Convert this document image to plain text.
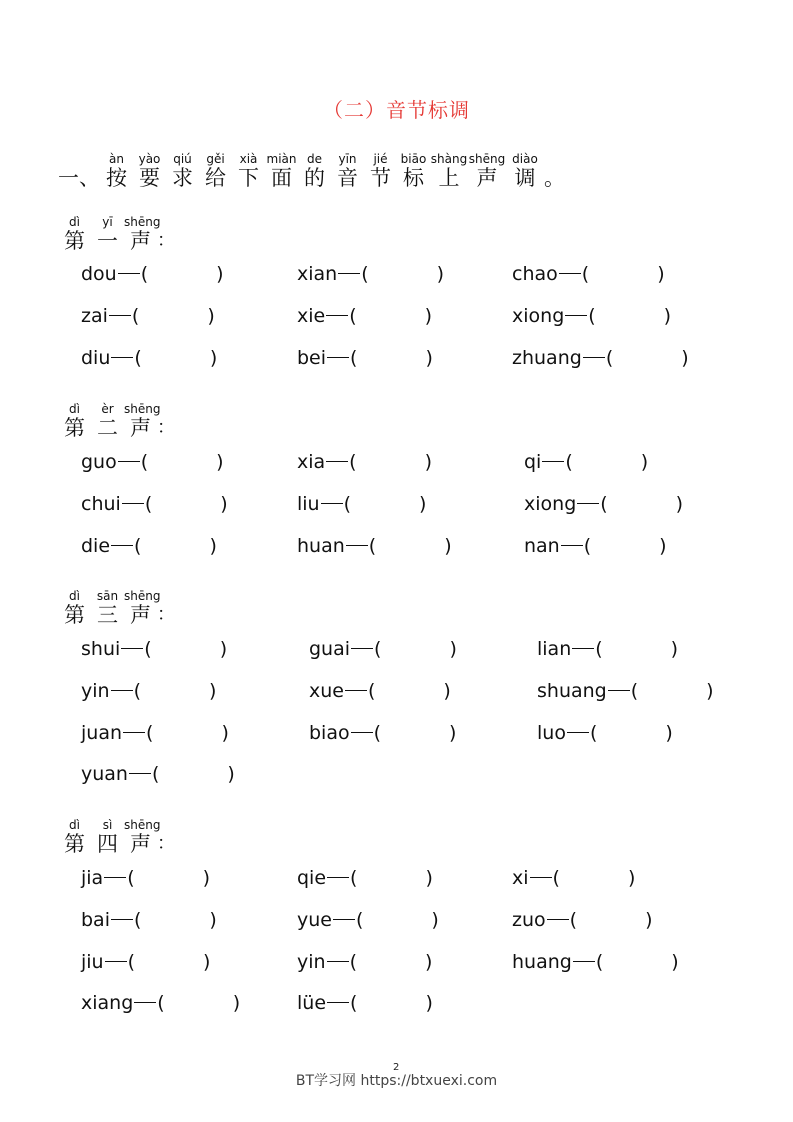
（二）音节标调
一、
àn
按
yào
要
qiú
求
gěi
给
xià
下
miàn
面
de
的
yīn
音
jié
节
biāo
标
shàng
上
shēng
声
diào
调 。
dì
第
yī
一
shēng
声 ：
dou (	)	xian (	)	chao (	)
zai (	)	xie (	)	xiong (	)
diu (	)	bei (	)	zhuang (	)
dì
第
èr
二
shēng
声 ：
guo (	)	xia (	)	qi (	)
chui (	)	liu (	)	xiong (	)
die (	)	huan (	)	nan (	)
dì
第
sān
三
shēng
声 ：
shui (	)	guai (	)	lian (	)
yin (	)	xue (	)	shuang (	)
juan (	)	biao (	)	luo (	)
yuan (	)
dì
第
sì
四
shēng
声 ：
jia (	)	qie (	)	xi (	)
bai (	)	yue (	)	zuo (	)
jiu (	)	yin (	)	huang (	)
xiang (	)	lüe (	)
2
BT学习网 https://btxuexi.com
